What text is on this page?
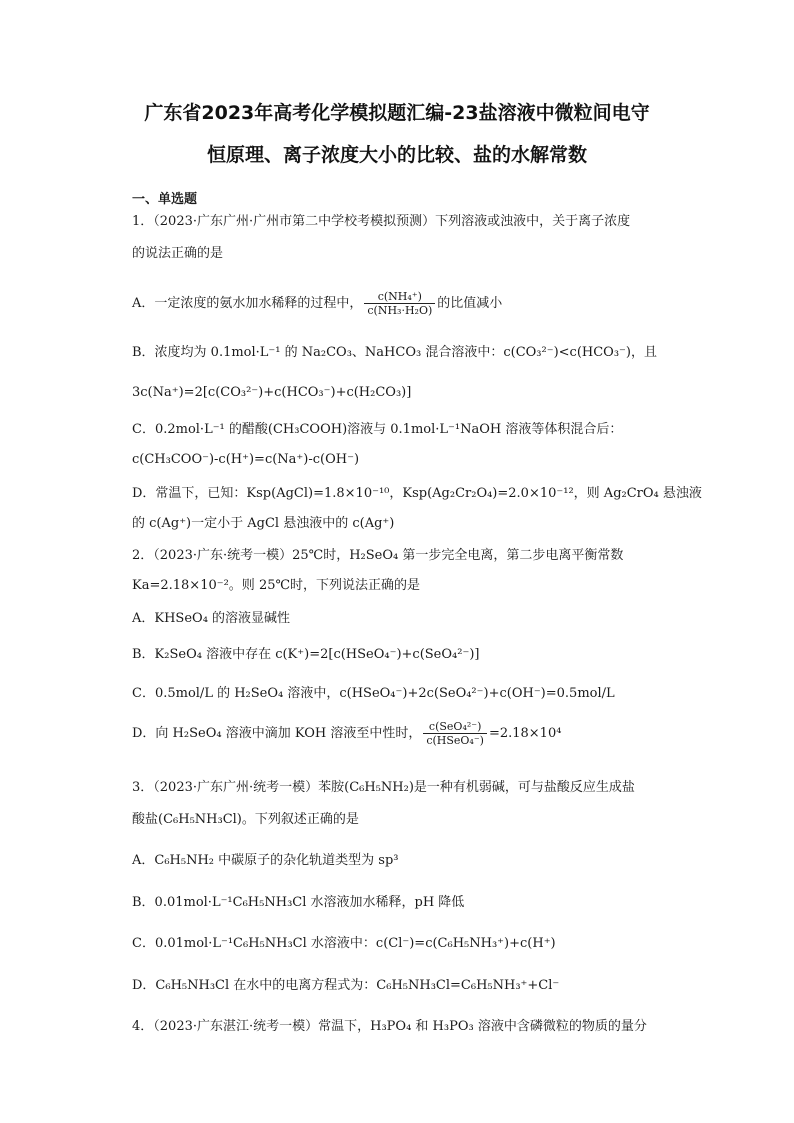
广东省2023年高考化学模拟题汇编-23盐溶液中微粒间电守
恒原理、离子浓度大小的比较、盐的水解常数
一、单选题
1．（2023·广东广州·广州市第二中学校考模拟预测）下列溶液或浊液中，关于离子浓度
的说法正确的是
A．一定浓度的氨水加水稀释的过程中， $\frac{\text{c(NH₄⁺)}}{\text{c(NH₃·H₂O)}}$ 的比值减小
B．浓度均为 0.1mol·L⁻¹ 的 Na₂CO₃、NaHCO₃ 混合溶液中：c(CO₃²⁻)<c(HCO₃⁻)，且
3c(Na⁺)=2[c(CO₃²⁻)+c(HCO₃⁻)+c(H₂CO₃)]
C．0.2mol·L⁻¹ 的醋酸(CH₃COOH)溶液与 0.1mol·L⁻¹NaOH 溶液等体积混合后：
c(CH₃COO⁻)-c(H⁺)=c(Na⁺)-c(OH⁻)
D．常温下，已知：Ksp(AgCl)=1.8×10⁻¹⁰，Ksp(Ag₂Cr₂O₄)=2.0×10⁻¹²，则 Ag₂CrO₄ 悬浊液
的 c(Ag⁺)一定小于 AgCl 悬浊液中的 c(Ag⁺)
2．（2023·广东·统考一模）25℃时，H₂SeO₄ 第一步完全电离，第二步电离平衡常数
Ka=2.18×10⁻²。则 25℃时，下列说法正确的是
A．KHSeO₄ 的溶液显碱性
B．K₂SeO₄ 溶液中存在 c(K⁺)=2[c(HSeO₄⁻)+c(SeO₄²⁻)]
C．0.5mol/L 的 H₂SeO₄ 溶液中，c(HSeO₄⁻)+2c(SeO₄²⁻)+c(OH⁻)=0.5mol/L
D．向 H₂SeO₄ 溶液中滴加 KOH 溶液至中性时， $\frac{\text{c(SeO₄²⁻)}}{\text{c(HSeO₄⁻)}} =2.18\times 10^4$
3．（2023·广东广州·统考一模）苯胺(C₆H₅NH₂)是一种有机弱碱，可与盐酸反应生成盐
酸盐(C₆H₅NH₃Cl)。下列叙述正确的是
A．C₆H₅NH₂ 中碳原子的杂化轨道类型为 sp³
B．0.01mol·L⁻¹C₆H₅NH₃Cl 水溶液加水稀释，pH 降低
C．0.01mol·L⁻¹C₆H₅NH₃Cl 水溶液中：c(Cl⁻)=c(C₆H₅NH₃⁺)+c(H⁺)
D．C₆H₅NH₃Cl 在水中的电离方程式为：C₆H₅NH₃Cl=C₆H₅NH₃⁺+Cl⁻
4．（2023·广东湛江·统考一模）常温下，H₃PO₄ 和 H₃PO₃ 溶液中含磷微粒的物质的量分
